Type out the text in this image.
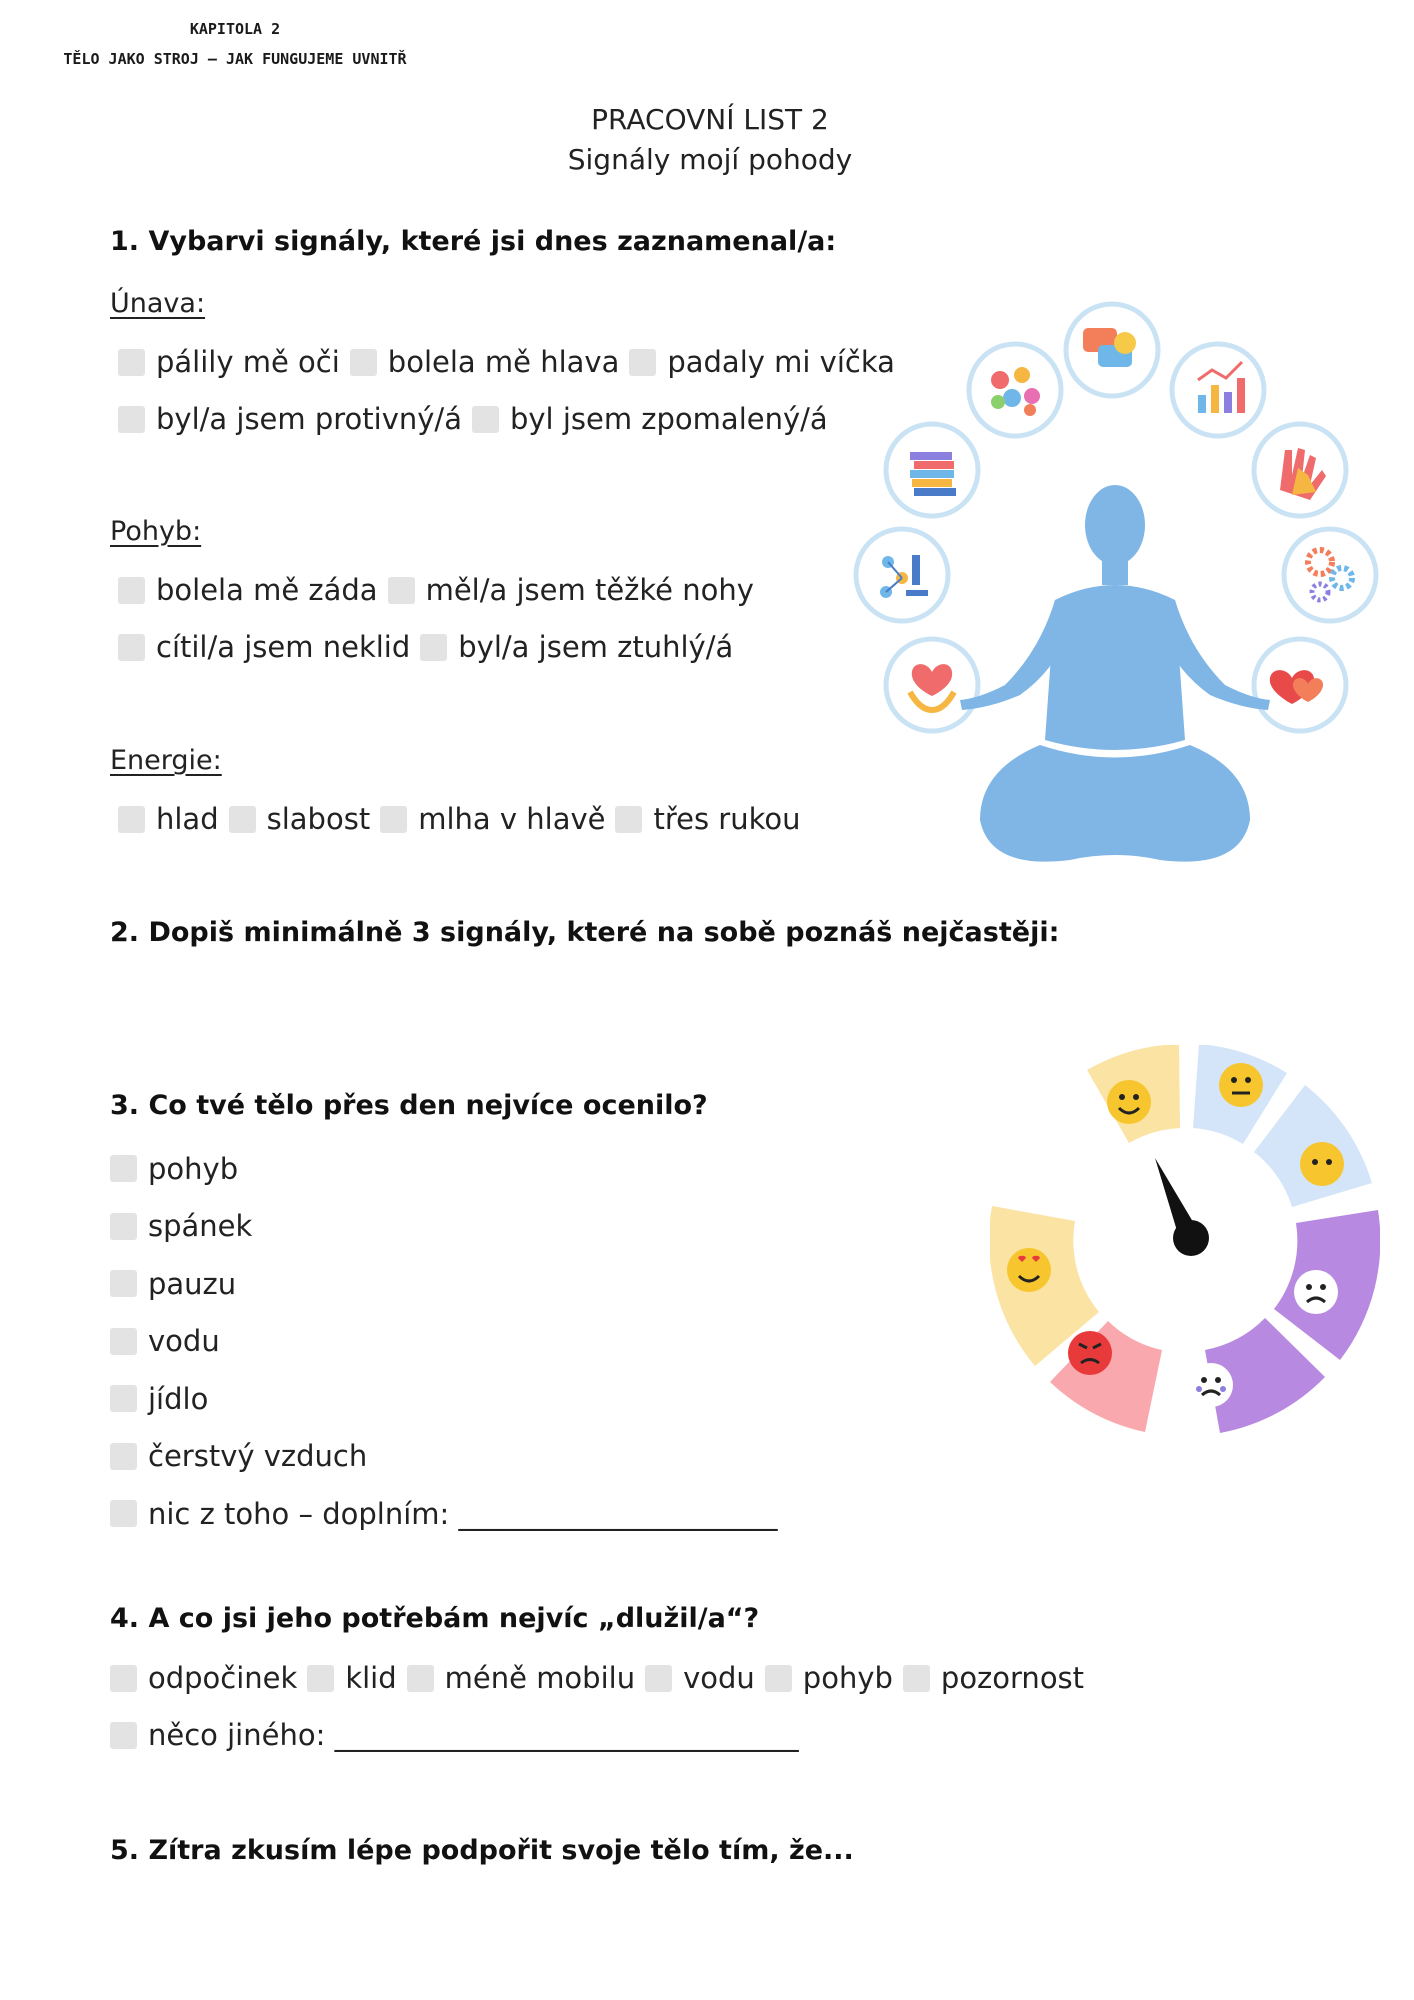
KAPITOLA 2
TĚLO JAKO STROJ – JAK FUNGUJEME UVNITŘ
PRACOVNÍ LIST 2
Signály mojí pohody
1. Vybarvi signály, které jsi dnes zaznamenal/a:
Únava:
pálily mě oči bolela mě hlava padaly mi víčka
byl/a jsem protivný/á byl jsem zpomalený/á
Pohyb:
bolela mě záda měl/a jsem těžké nohy
cítil/a jsem neklid byl/a jsem ztuhlý/á
Energie:
hlad slabost mlha v hlavě třes rukou
2. Dopiš minimálně 3 signály, které na sobě poznáš nejčastěji:
3. Co tvé tělo přes den nejvíce ocenilo?
pohyb
spánek
pauzu
vodu
jídlo
čerstvý vzduch
nic z toho – doplním: ______________________
4. A co jsi jeho potřebám nejvíc „dlužil/a“?
odpočinek klid méně mobilu vodu pohyb pozornost
něco jiného: ________________________________
5. Zítra zkusím lépe podpořit svoje tělo tím, že...
